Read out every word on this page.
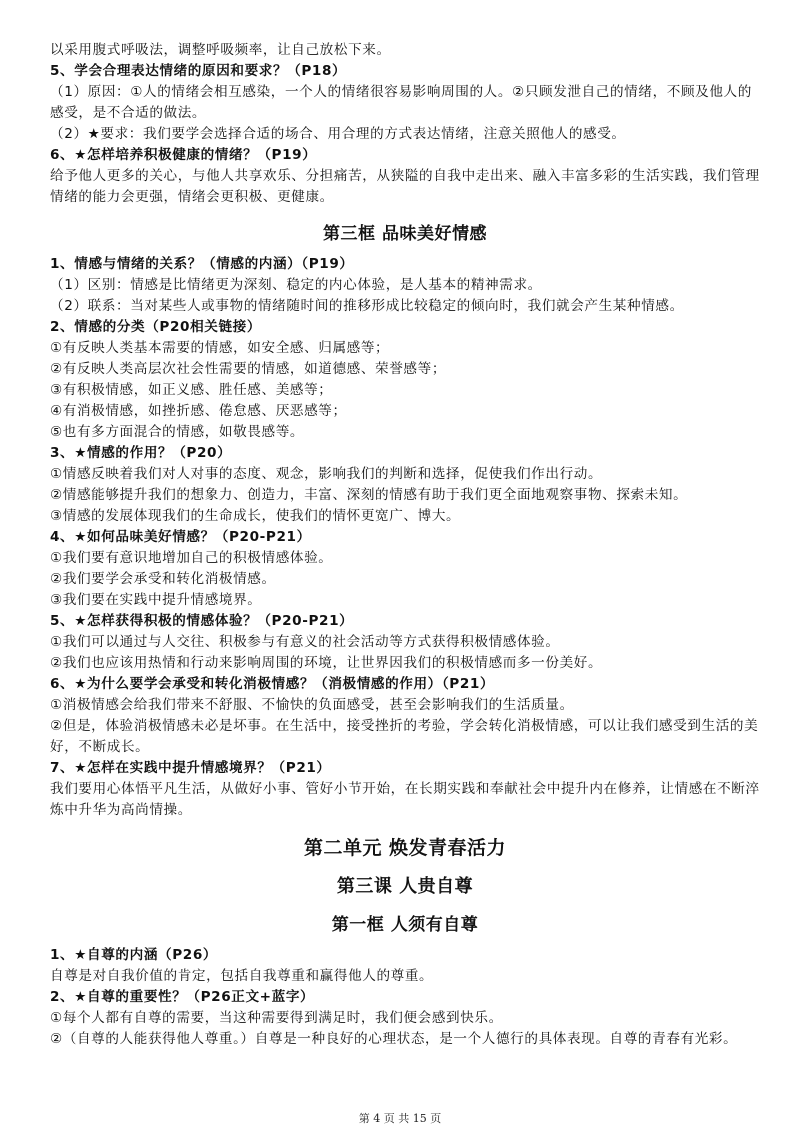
以采用腹式呼吸法，调整呼吸频率，让自己放松下来。
5、学会合理表达情绪的原因和要求？（P18）
（1）原因：①人的情绪会相互感染，一个人的情绪很容易影响周围的人。②只顾发泄自己的情绪，不顾及他人的感受，是不合适的做法。
（2）★要求：我们要学会选择合适的场合、用合理的方式表达情绪，注意关照他人的感受。
6、★怎样培养积极健康的情绪？（P19）
给予他人更多的关心，与他人共享欢乐、分担痛苦，从狭隘的自我中走出来、融入丰富多彩的生活实践，我们管理情绪的能力会更强，情绪会更积极、更健康。
第三框 品味美好情感
1、情感与情绪的关系？（情感的内涵）（P19）
（1）区别：情感是比情绪更为深刻、稳定的内心体验，是人基本的精神需求。
（2）联系：当对某些人或事物的情绪随时间的推移形成比较稳定的倾向时，我们就会产生某种情感。
2、情感的分类（P20相关链接）
①有反映人类基本需要的情感，如安全感、归属感等；
②有反映人类高层次社会性需要的情感，如道德感、荣誉感等；
③有积极情感，如正义感、胜任感、美感等；
④有消极情感，如挫折感、倦怠感、厌恶感等；
⑤也有多方面混合的情感，如敬畏感等。
3、★情感的作用？（P20）
①情感反映着我们对人对事的态度、观念，影响我们的判断和选择，促使我们作出行动。
②情感能够提升我们的想象力、创造力，丰富、深刻的情感有助于我们更全面地观察事物、探索未知。
③情感的发展体现我们的生命成长，使我们的情怀更宽广、博大。
4、★如何品味美好情感？（P20-P21）
①我们要有意识地增加自己的积极情感体验。
②我们要学会承受和转化消极情感。
③我们要在实践中提升情感境界。
5、★怎样获得积极的情感体验？（P20-P21）
①我们可以通过与人交往、积极参与有意义的社会活动等方式获得积极情感体验。
②我们也应该用热情和行动来影响周围的环境，让世界因我们的积极情感而多一份美好。
6、★为什么要学会承受和转化消极情感？（消极情感的作用）（P21）
①消极情感会给我们带来不舒服、不愉快的负面感受，甚至会影响我们的生活质量。
②但是，体验消极情感未必是坏事。在生活中，接受挫折的考验，学会转化消极情感，可以让我们感受到生活的美好，不断成长。
7、★怎样在实践中提升情感境界？（P21）
我们要用心体悟平凡生活，从做好小事、管好小节开始，在长期实践和奉献社会中提升内在修养，让情感在不断淬炼中升华为高尚情操。
第二单元 焕发青春活力
第三课 人贵自尊
第一框 人须有自尊
1、★自尊的内涵（P26）
自尊是对自我价值的肯定，包括自我尊重和赢得他人的尊重。
2、★自尊的重要性？（P26正文+蓝字）
①每个人都有自尊的需要，当这种需要得到满足时，我们便会感到快乐。
②（自尊的人能获得他人尊重。）自尊是一种良好的心理状态，是一个人德行的具体表现。自尊的青春有光彩。
第 4 页 共 15 页
